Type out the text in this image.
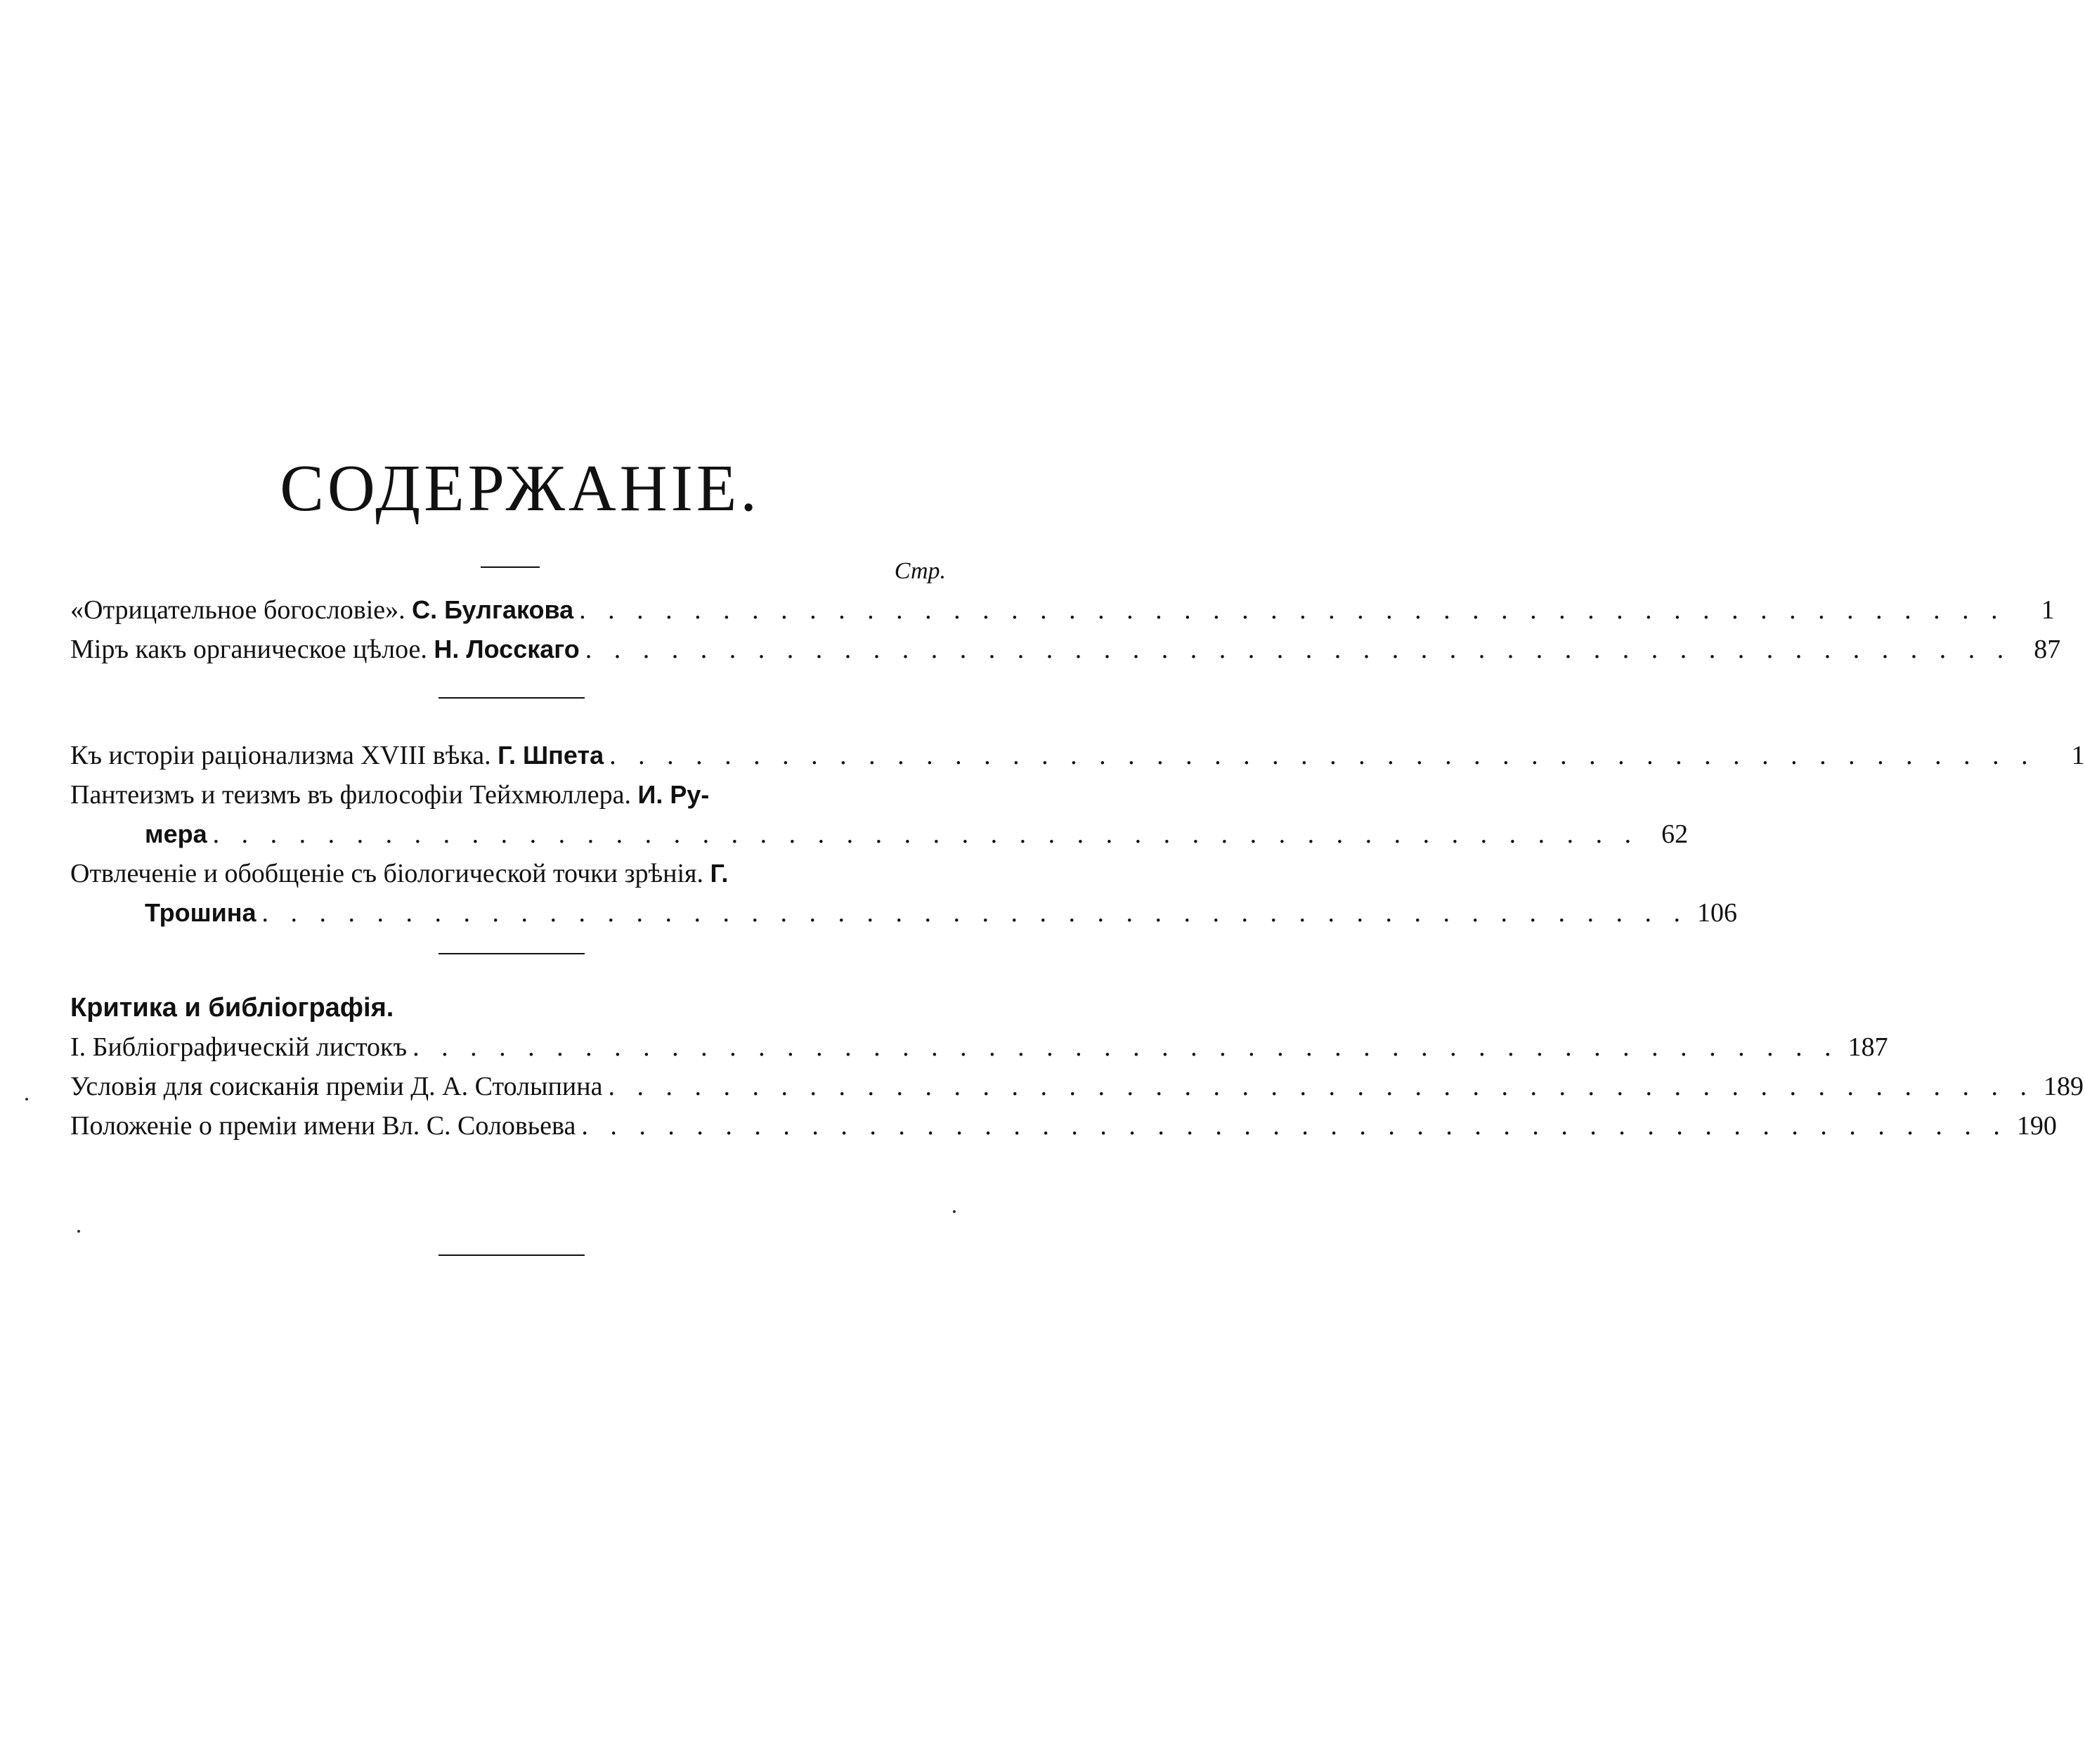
СОДЕРЖАНІЕ.
Стр.
«Отрицательное богословіе». С. Булгакова . . . . . . . . . . . . . . . . . . . . . . . . . . . . . . . . . . . . . . . . . . . . . . . . . .	1
Міръ какъ органическое цѣлое. Н. Лосскаго . . . . . . . . . . . . . . . . . . . . . . . . . . . . . . . . . . . . . . . . . . . . . . . . . . 87
Къ исторіи раціонализма XVIII вѣка. Г. Шпета . . . . . . . . . . . . . . . . . . . . . . . . . . . . . . . . . . . . . . . . . . . . . . . . . .	1
Пантеизмъ и теизмъ въ философіи Тейхмюллера. И. Ру-
мера . . . . . . . . . . . . . . . . . . . . . . . . . . . . . . . . . . . . . . . . . . . . . . . . . . 62
Отвлеченіе и обобщеніе съ біологической точки зрѣнія. Г.
Трошина . . . . . . . . . . . . . . . . . . . . . . . . . . . . . . . . . . . . . . . . . . . . . . . . . . 106
Критика и библіографія.
I. Библіографическій листокъ . . . . . . . . . . . . . . . . . . . . . . . . . . . . . . . . . . . . . . . . . . . . . . . . . . 187
Условія для соисканія преміи Д. А. Столыпина . . . . . . . . . . . . . . . . . . . . . . . . . . . . . . . . . . . . . . . . . . . . . . . . . . 189
Положеніе о преміи имени Вл. С. Соловьева . . . . . . . . . . . . . . . . . . . . . . . . . . . . . . . . . . . . . . . . . . . . . . . . . . 190
